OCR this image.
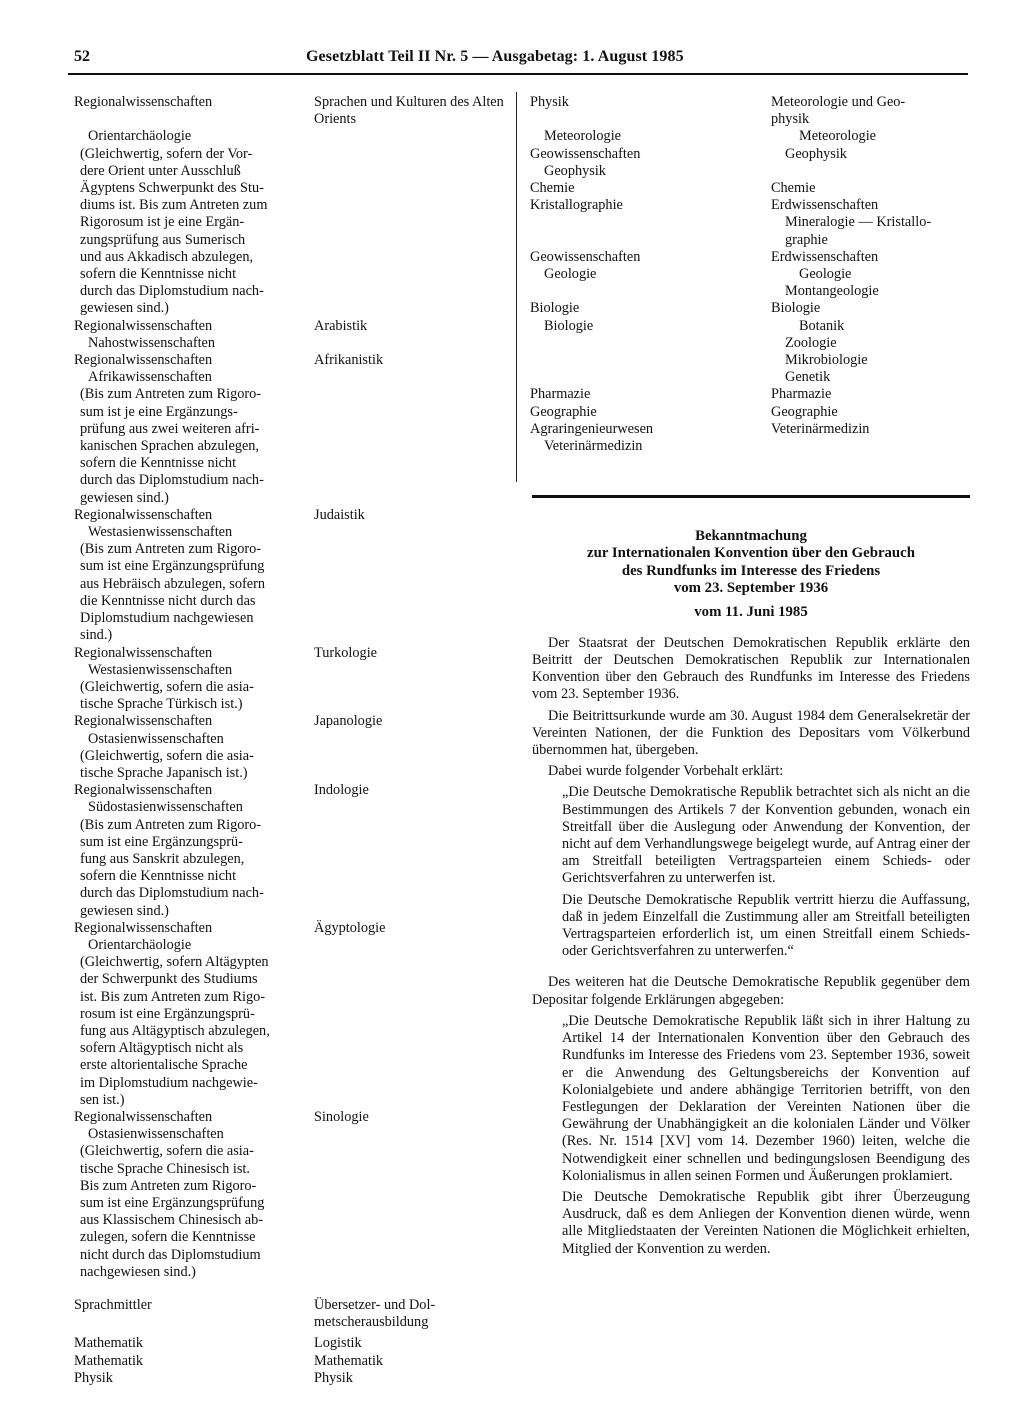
52	Gesetzblatt Teil II Nr. 5 — Ausgabetag: 1. August 1985
Regionalwissenschaften	Sprachen und Kulturen des Alten Orients
Orientarchäologie
(Gleichwertig, sofern der Vor-
dere Orient unter Ausschluß
Ägyptens Schwerpunkt des Stu-
diums ist. Bis zum Antreten zum
Rigorosum ist je eine Ergän-
zungsprüfung aus Sumerisch
und aus Akkadisch abzulegen,
sofern die Kenntnisse nicht
durch das Diplomstudium nach-
gewiesen sind.)
Regionalwissenschaften	Arabistik
Nahostwissenschaften
Regionalwissenschaften	Afrikanistik
Afrikawissenschaften
(Bis zum Antreten zum Rigoro-
sum ist je eine Ergänzungs-
prüfung aus zwei weiteren afri-
kanischen Sprachen abzulegen,
sofern die Kenntnisse nicht
durch das Diplomstudium nach-
gewiesen sind.)
Regionalwissenschaften	Judaistik
Westasienwissenschaften
(Bis zum Antreten zum Rigoro-
sum ist eine Ergänzungsprüfung
aus Hebräisch abzulegen, sofern
die Kenntnisse nicht durch das
Diplomstudium nachgewiesen
sind.)
Regionalwissenschaften	Turkologie
Westasienwissenschaften
(Gleichwertig, sofern die asia-
tische Sprache Türkisch ist.)
Regionalwissenschaften	Japanologie
Ostasienwissenschaften
(Gleichwertig, sofern die asia-
tische Sprache Japanisch ist.)
Regionalwissenschaften	Indologie
Südostasienwissenschaften
(Bis zum Antreten zum Rigoro-
sum ist eine Ergänzungsprü-
fung aus Sanskrit abzulegen,
sofern die Kenntnisse nicht
durch das Diplomstudium nach-
gewiesen sind.)
Regionalwissenschaften	Ägyptologie
Orientarchäologie
(Gleichwertig, sofern Altägypten
der Schwerpunkt des Studiums
ist. Bis zum Antreten zum Rigo-
rosum ist eine Ergänzungsprü-
fung aus Altägyptisch abzulegen,
sofern Altägyptisch nicht als
erste altorientalische Sprache
im Diplomstudium nachgewie-
sen ist.)
Regionalwissenschaften	Sinologie
Ostasienwissenschaften
(Gleichwertig, sofern die asia-
tische Sprache Chinesisch ist.
Bis zum Antreten zum Rigoro-
sum ist eine Ergänzungsprüfung
aus Klassischem Chinesisch ab-
zulegen, sofern die Kenntnisse
nicht durch das Diplomstudium
nachgewiesen sind.)
Sprachmittler	Übersetzer- und Dol-
metscherausbildung
Mathematik	Logistik
Mathematik	Mathematik
Physik	Physik
Physik	Meteorologie und Geo-
physik
Meteorologie	Meteorologie
Geowissenschaften	Geophysik
Geophysik
Chemie	Chemie
Kristallographie	Erdwissenschaften
Mineralogie — Kristallo-
graphie
Geowissenschaften	Erdwissenschaften
Geologie	Geologie
Montangeologie
Biologie	Biologie
Biologie	Botanik
Zoologie
Mikrobiologie
Genetik
Pharmazie	Pharmazie
Geographie	Geographie
Agraringenieurwesen	Veterinärmedizin
Veterinärmedizin
Bekanntmachung
zur Internationalen Konvention über den Gebrauch
des Rundfunks im Interesse des Friedens
vom 23. September 1936
vom 11. Juni 1985

Der Staatsrat der Deutschen Demokratischen Republik erklärte den Beitritt der Deutschen Demokratischen Republik zur Internationalen Konvention über den Gebrauch des Rundfunks im Interesse des Friedens vom 23. September 1936.

Die Beitrittsurkunde wurde am 30. August 1984 dem Generalsekretär der Vereinten Nationen, der die Funktion des Depositars vom Völkerbund übernommen hat, übergeben.

Dabei wurde folgender Vorbehalt erklärt:

„Die Deutsche Demokratische Republik betrachtet sich als nicht an die Bestimmungen des Artikels 7 der Konvention gebunden, wonach ein Streitfall über die Auslegung oder Anwendung der Konvention, der nicht auf dem Verhandlungswege beigelegt wurde, auf Antrag einer der am Streitfall beteiligten Vertragsparteien einem Schieds- oder Gerichtsverfahren zu unterwerfen ist.

Die Deutsche Demokratische Republik vertritt hierzu die Auffassung, daß in jedem Einzelfall die Zustimmung aller am Streitfall beteiligten Vertragsparteien erforderlich ist, um einen Streitfall einem Schieds- oder Gerichtsverfahren zu unterwerfen.“

Des weiteren hat die Deutsche Demokratische Republik gegenüber dem Depositar folgende Erklärungen abgegeben:

„Die Deutsche Demokratische Republik läßt sich in ihrer Haltung zu Artikel 14 der Internationalen Konvention über den Gebrauch des Rundfunks im Interesse des Friedens vom 23. September 1936, soweit er die Anwendung des Geltungsbereichs der Konvention auf Kolonialgebiete und andere abhängige Territorien betrifft, von den Festlegungen der Deklaration der Vereinten Nationen über die Gewährung der Unabhängigkeit an die kolonialen Länder und Völker (Res. Nr. 1514 [XV] vom 14. Dezember 1960) leiten, welche die Notwendigkeit einer schnellen und bedingungslosen Beendigung des Kolonialismus in allen seinen Formen und Äußerungen proklamiert.

Die Deutsche Demokratische Republik gibt ihrer Überzeugung Ausdruck, daß es dem Anliegen der Konvention dienen würde, wenn alle Mitgliedstaaten der Vereinten Nationen die Möglichkeit erhielten, Mitglied der Konvention zu werden.
